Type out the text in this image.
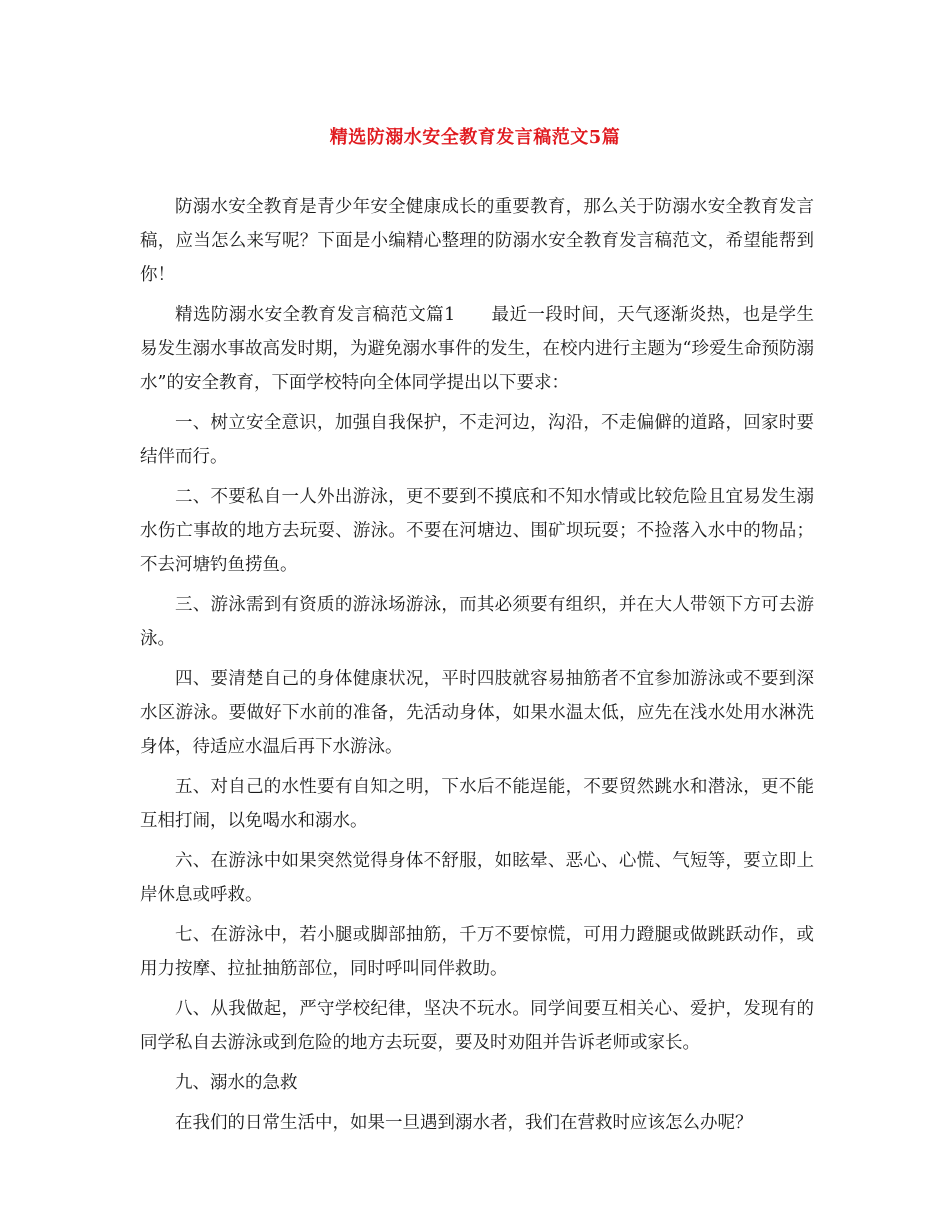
精选防溺水安全教育发言稿范文5篇

防溺水安全教育是青少年安全健康成长的重要教育，那么关于防溺水安全教育发言稿，应当怎么来写呢？下面是小编精心整理的防溺水安全教育发言稿范文，希望能帮到你！

精选防溺水安全教育发言稿范文篇1　　最近一段时间，天气逐渐炎热，也是学生易发生溺水事故高发时期，为避免溺水事件的发生，在校内进行主题为“珍爱生命预防溺水”的安全教育，下面学校特向全体同学提出以下要求：

一、树立安全意识，加强自我保护，不走河边，沟沿，不走偏僻的道路，回家时要结伴而行。

二、不要私自一人外出游泳，更不要到不摸底和不知水情或比较危险且宜易发生溺水伤亡事故的地方去玩耍、游泳。不要在河塘边、围矿坝玩耍；不捡落入水中的物品；不去河塘钓鱼捞鱼。

三、游泳需到有资质的游泳场游泳，而其必须要有组织，并在大人带领下方可去游泳。

四、要清楚自己的身体健康状况，平时四肢就容易抽筋者不宜参加游泳或不要到深水区游泳。要做好下水前的准备，先活动身体，如果水温太低，应先在浅水处用水淋洗身体，待适应水温后再下水游泳。

五、对自己的水性要有自知之明，下水后不能逞能，不要贸然跳水和潜泳，更不能互相打闹，以免喝水和溺水。

六、在游泳中如果突然觉得身体不舒服，如眩晕、恶心、心慌、气短等，要立即上岸休息或呼救。

七、在游泳中，若小腿或脚部抽筋，千万不要惊慌，可用力蹬腿或做跳跃动作，或用力按摩、拉扯抽筋部位，同时呼叫同伴救助。

八、从我做起，严守学校纪律，坚决不玩水。同学间要互相关心、爱护，发现有的同学私自去游泳或到危险的地方去玩耍，要及时劝阻并告诉老师或家长。

九、溺水的急救

在我们的日常生活中，如果一旦遇到溺水者，我们在营救时应该怎么办呢？
